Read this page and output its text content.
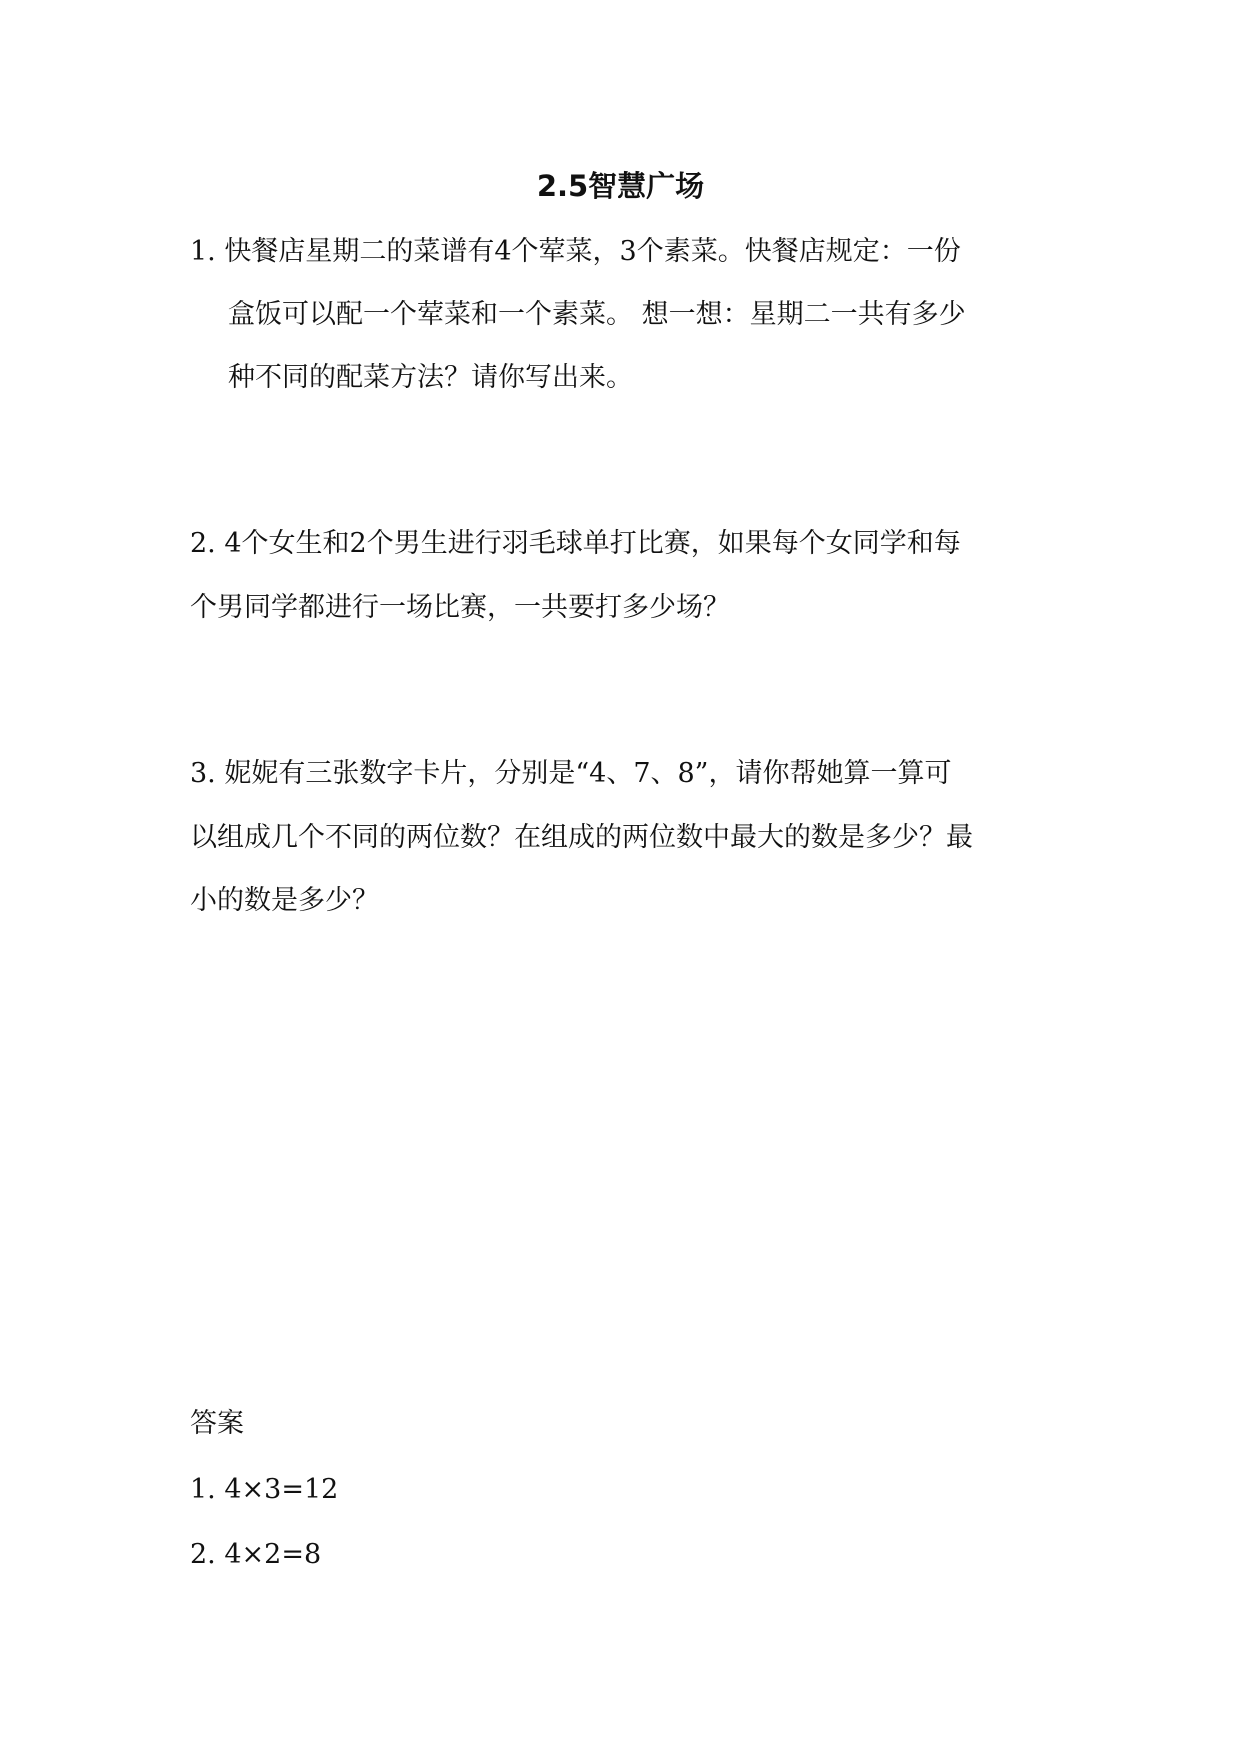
2.5智慧广场
1. 快餐店星期二的菜谱有4个荤菜，3个素菜。快餐店规定：一份
盒饭可以配一个荤菜和一个素菜。 想一想：星期二一共有多少
种不同的配菜方法？请你写出来。
2. 4个女生和2个男生进行羽毛球单打比赛，如果每个女同学和每
个男同学都进行一场比赛，一共要打多少场？
3. 妮妮有三张数字卡片，分别是“4、7、8”，请你帮她算一算可
以组成几个不同的两位数？在组成的两位数中最大的数是多少？最
小的数是多少？
答案
1. 4×3=12
2. 4×2=8
